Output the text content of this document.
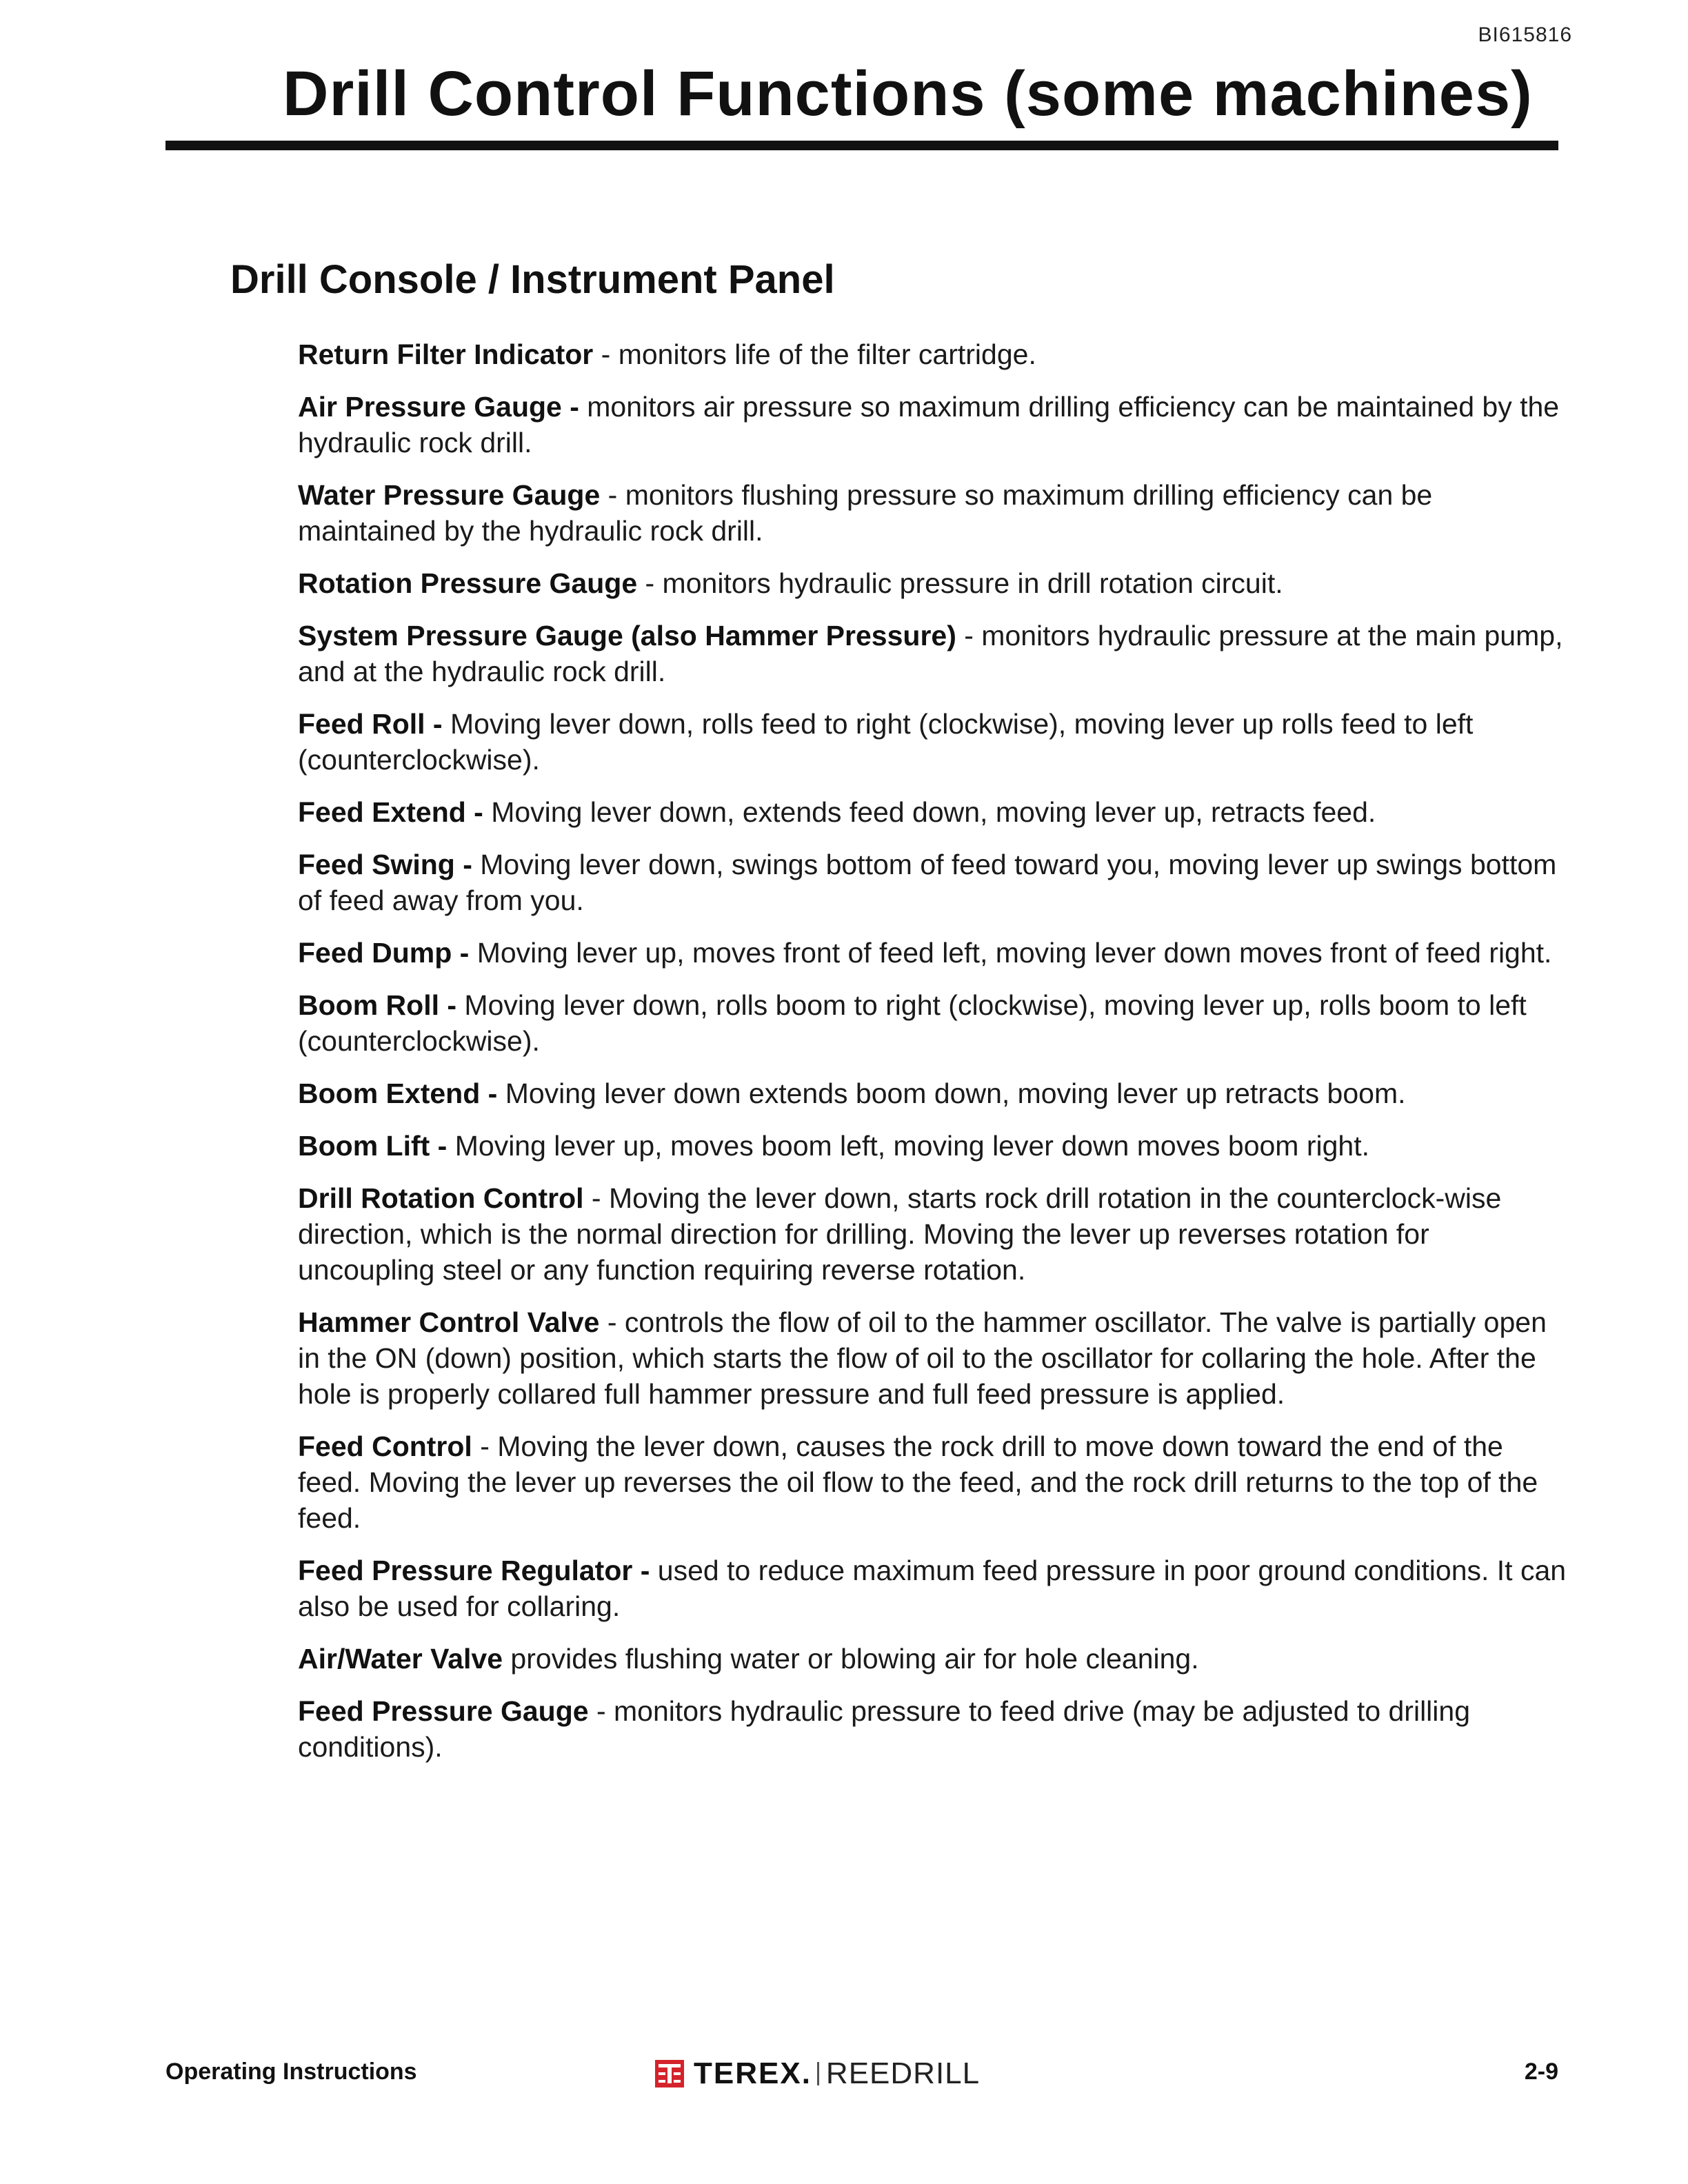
BI615816
Drill Control Functions (some machines)
Drill Console / Instrument Panel
Return Filter Indicator - monitors life of the filter cartridge.
Air Pressure Gauge - monitors air pressure so maximum drilling efficiency can be maintained by the hydraulic rock drill.
Water Pressure Gauge - monitors flushing pressure so maximum drilling efficiency can be maintained by the hydraulic rock drill.
Rotation Pressure Gauge - monitors hydraulic pressure in drill rotation circuit.
System Pressure Gauge (also Hammer Pressure) - monitors hydraulic pressure at the main pump, and at the hydraulic rock drill.
Feed Roll - Moving lever down, rolls feed to right (clockwise), moving lever up rolls feed to left (counterclockwise).
Feed Extend - Moving lever down, extends feed down, moving lever up, retracts feed.
Feed Swing - Moving lever down, swings bottom of feed toward you, moving lever up swings bottom of feed away from you.
Feed Dump - Moving lever up, moves front of feed left, moving lever down moves front of feed right.
Boom Roll - Moving lever down, rolls boom to right (clockwise), moving lever up, rolls boom to left (counterclockwise).
Boom Extend - Moving lever down extends boom down, moving lever up retracts boom.
Boom Lift - Moving lever up, moves boom left, moving lever down moves boom right.
Drill Rotation Control - Moving the lever down, starts rock drill rotation in the counterclock-wise direction, which is the normal direction for drilling. Moving the lever up reverses rotation for uncoupling steel or any function requiring reverse rotation.
Hammer Control Valve - controls the flow of oil to the hammer oscillator. The valve is partially open in the ON (down) position, which starts the flow of oil to the oscillator for collaring the hole. After the hole is properly collared full hammer pressure and full feed pressure is applied.
Feed Control - Moving the lever down, causes the rock drill to move down toward the end of the feed. Moving the lever up reverses the oil flow to the feed, and the rock drill returns to the top of the feed.
Feed Pressure Regulator - used to reduce maximum feed pressure in poor ground conditions. It can also be used for collaring.
Air/Water Valve provides flushing water or blowing air for hole cleaning.
Feed Pressure Gauge - monitors hydraulic pressure to feed drive (may be adjusted to drilling conditions).
Operating Instructions	TEREX. REEDRILL	2-9
